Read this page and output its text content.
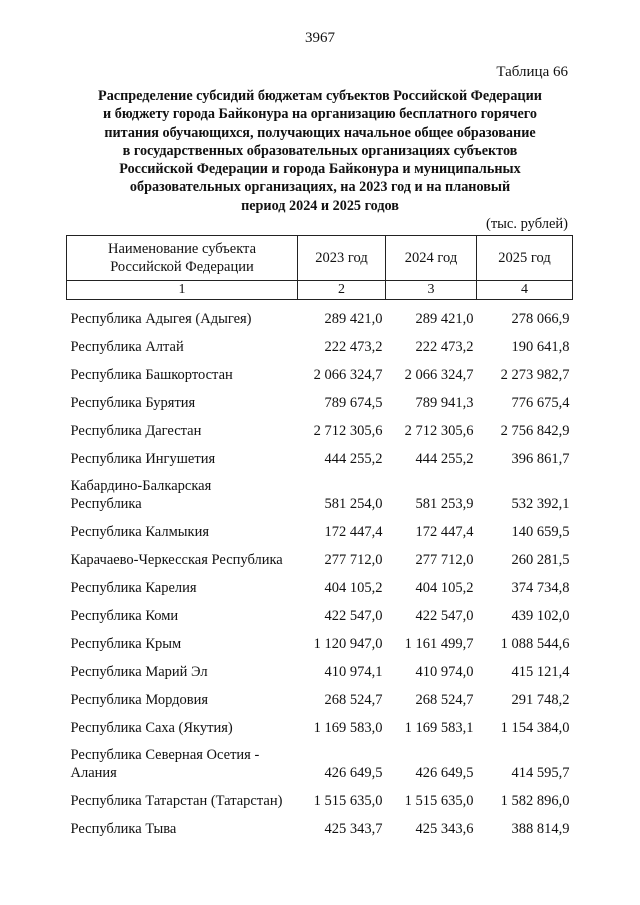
3967
Таблица 66
Распределение субсидий бюджетам субъектов Российской Федерации
и бюджету города Байконура на организацию бесплатного горячего
питания обучающихся, получающих начальное общее образование
в государственных образовательных организациях субъектов
Российской Федерации и города Байконура и муниципальных
образовательных организациях, на 2023 год и на плановый
период 2024 и 2025 годов
(тыс. рублей)
Наименование субъекта
Российской Федерации	2023 год	2024 год	2025 год
1	2	3	4
Республика Адыгея (Адыгея)	289 421,0	289 421,0	278 066,9
Республика Алтай	222 473,2	222 473,2	190 641,8
Республика Башкортостан	2 066 324,7	2 066 324,7	2 273 982,7
Республика Бурятия	789 674,5	789 941,3	776 675,4
Республика Дагестан	2 712 305,6	2 712 305,6	2 756 842,9
Республика Ингушетия	444 255,2	444 255,2	396 861,7
Кабардино-Балкарская
Республика	581 254,0	581 253,9	532 392,1
Республика Калмыкия	172 447,4	172 447,4	140 659,5
Карачаево-Черкесская Республика	277 712,0	277 712,0	260 281,5
Республика Карелия	404 105,2	404 105,2	374 734,8
Республика Коми	422 547,0	422 547,0	439 102,0
Республика Крым	1 120 947,0	1 161 499,7	1 088 544,6
Республика Марий Эл	410 974,1	410 974,0	415 121,4
Республика Мордовия	268 524,7	268 524,7	291 748,2
Республика Саха (Якутия)	1 169 583,0	1 169 583,1	1 154 384,0
Республика Северная Осетия -
Алания	426 649,5	426 649,5	414 595,7
Республика Татарстан (Татарстан)	1 515 635,0	1 515 635,0	1 582 896,0
Республика Тыва	425 343,7	425 343,6	388 814,9
